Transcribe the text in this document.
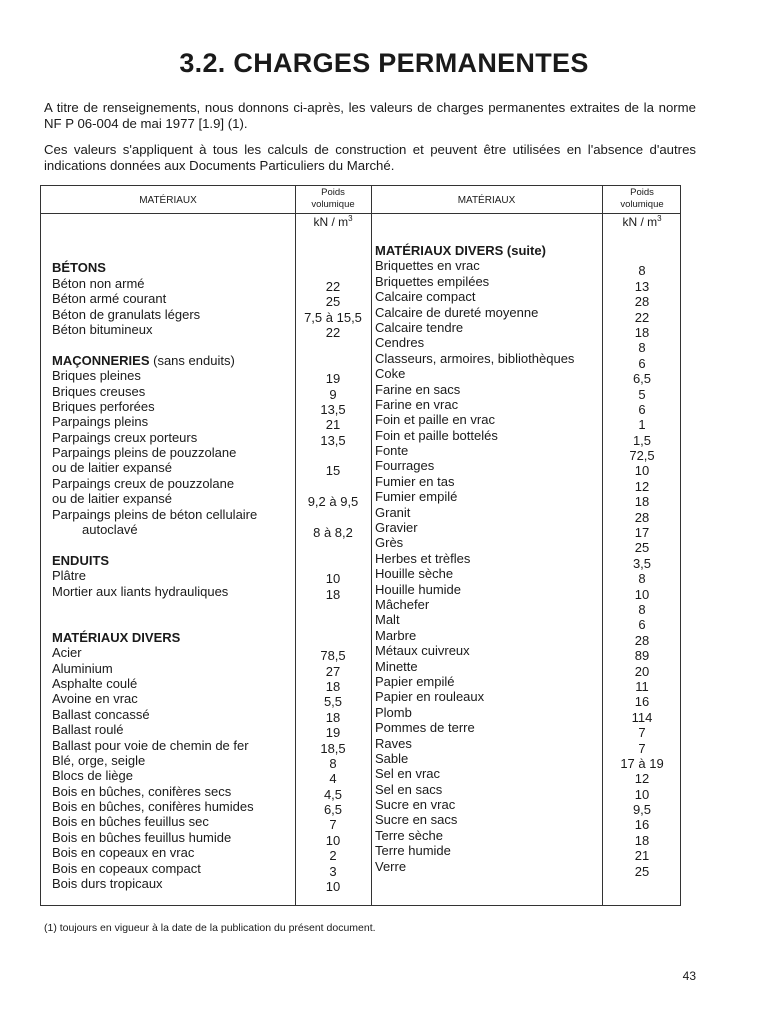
3.2. CHARGES PERMANENTES

A titre de renseignements, nous donnons ci-après, les valeurs de charges permanentes extraites de la norme NF P 06-004 de mai 1977 [1.9] (1).

Ces valeurs s'appliquent à tous les calculs de construction et peuvent être utilisées en l'absence d'autres indications données aux Documents Particuliers du Marché.

MATÉRIAUX
Poids
volumique
kN / $m^3$
MATÉRIAUX
Poids
volumique
kN / $m^3$
BÉTONS
Béton non armé	22
Béton armé courant	25
Béton de granulats légers	7,5 à 15,5
Béton bitumineux	22
MAÇONNERIES (sans enduits)
Briques pleines	19
Briques creuses	9
Briques perforées	13,5
Parpaings pleins	21
Parpaings creux porteurs	13,5
Parpaings pleins de pouzzolane
ou de laitier expansé	15
Parpaings creux de pouzzolane
ou de laitier expansé	9,2 à 9,5
Parpaings pleins de béton cellulaire
autoclavé	8 à 8,2
ENDUITS
Plâtre	10
Mortier aux liants hydrauliques	18
MATÉRIAUX DIVERS
Acier	78,5
Aluminium	27
Asphalte coulé	18
Avoine en vrac	5,5
Ballast concassé	18
Ballast roulé	19
Ballast pour voie de chemin de fer	18,5
Blé, orge, seigle	8
Blocs de liège	4
Bois en bûches, conifères secs	4,5
Bois en bûches, conifères humides	6,5
Bois en bûches feuillus sec	7
Bois en bûches feuillus humide	10
Bois en copeaux en vrac	2
Bois en copeaux compact	3
Bois durs tropicaux	10
MATÉRIAUX DIVERS (suite)
Briquettes en vrac	8
Briquettes empilées	13
Calcaire compact	28
Calcaire de dureté moyenne	22
Calcaire tendre	18
Cendres	8
Classeurs, armoires, bibliothèques	6
Coke	6,5
Farine en sacs	5
Farine en vrac	6
Foin et paille en vrac	1
Foin et paille bottelés	1,5
Fonte	72,5
Fourrages	10
Fumier en tas	12
Fumier empilé	18
Granit	28
Gravier	17
Grès	25
Herbes et trèfles	3,5
Houille sèche	8
Houille humide	10
Mâchefer	8
Malt	6
Marbre	28
Métaux cuivreux	89
Minette	20
Papier empilé	11
Papier en rouleaux	16
Plomb	114
Pommes de terre	7
Raves	7
Sable	17 à 19
Sel en vrac	12
Sel en sacs	10
Sucre en vrac	9,5
Sucre en sacs	16
Terre sèche	18
Terre humide	21
Verre	25

(1) toujours en vigueur à la date de la publication du présent document.

43
